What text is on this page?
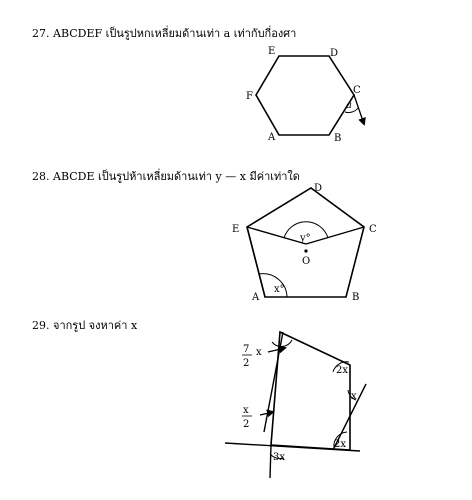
27. ABCDEF เป็นรูปหกเหลี่ยมด้านเท่า a เท่ากับกี่องศา
28. ABCDE เป็นรูปห้าเหลี่ยมด้านเท่า y — x มีค่าเท่าใด
29. จากรูป จงหาค่า x
E	D
C
F
A	B
a
D
E	C
A	B
O
y°
x°
7
2
x
x
2
2x
x
2x
3x
